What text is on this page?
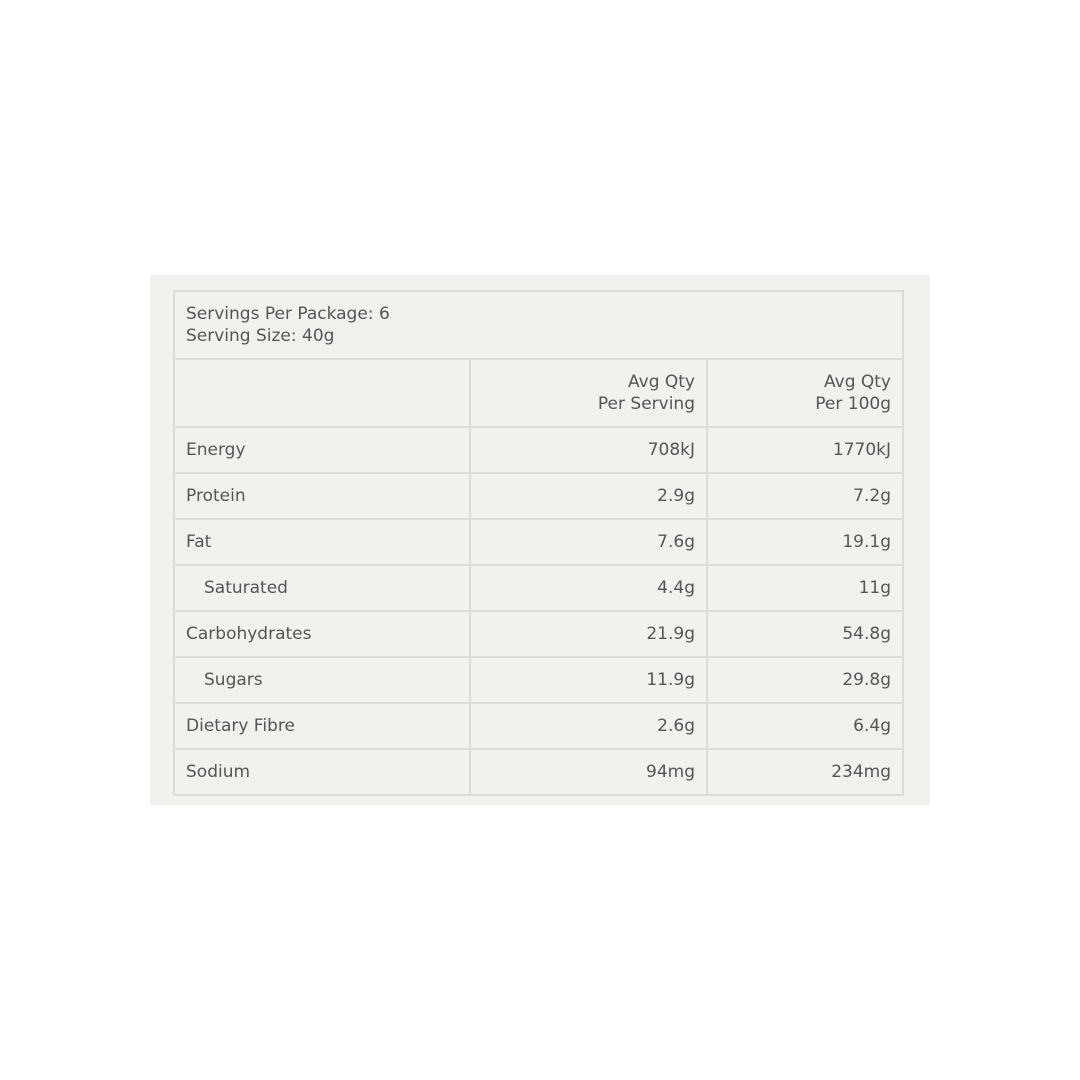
Servings Per Package: 6
Serving Size: 40g		

	Avg Qty
Per Serving	Avg Qty
Per 100g

Energy	708kJ	1770kJ
Protein	2.9g	7.2g
Fat	7.6g	19.1g
Saturated	4.4g	11g
Carbohydrates	21.9g	54.8g
Sugars	11.9g	29.8g
Dietary Fibre	2.6g	6.4g
Sodium	94mg	234mg
